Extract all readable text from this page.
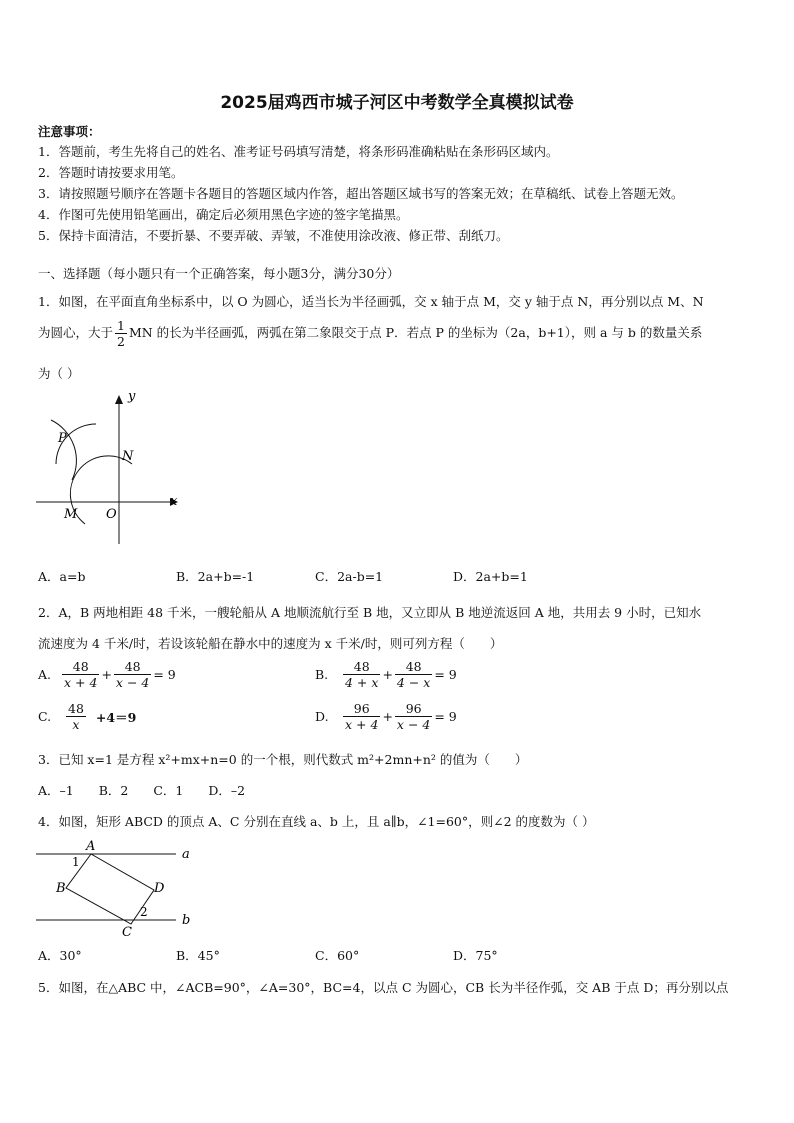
2025届鸡西市城子河区中考数学全真模拟试卷
注意事项：
1．答题前，考生先将自己的姓名、准考证号码填写清楚，将条形码准确粘贴在条形码区域内。
2．答题时请按要求用笔。
3．请按照题号顺序在答题卡各题目的答题区域内作答，超出答题区域书写的答案无效；在草稿纸、试卷上答题无效。
4．作图可先使用铅笔画出，确定后必须用黑色字迹的签字笔描黑。
5．保持卡面清洁，不要折暴、不要弄破、弄皱，不准使用涂改液、修正带、刮纸刀。
一、选择题（每小题只有一个正确答案，每小题3分，满分30分）
1．如图，在平面直角坐标系中，以 O 为圆心，适当长为半径画弧，交 x 轴于点 M，交 y 轴于点 N，再分别以点 M、N
为圆心，大于 $\frac{1}{2}$ MN 的长为半径画弧，两弧在第二象限交于点 P．若点 P 的坐标为（2a，b+1），则 a 与 b 的数量关系
为（ ）
y
x
P
N
M O
A．a=b	B．2a+b=-1	C．2a-b=1	D．2a+b=1
2．A，B 两地相距 48 千米，一艘轮船从 A 地顺流航行至 B 地，又立即从 B 地逆流返回 A 地，共用去 9 小时，已知水
流速度为 4 千米/时，若设该轮船在静水中的速度为 x 千米/时，则可列方程（　　）
A. $\frac{48}{x + 4} + \frac{48}{x - 4} = 9$	B. $\frac{48}{4 + x} + \frac{48}{4 - x} = 9$
C. $\frac{48}{x} +4=9$	D. $\frac{96}{x + 4} + \frac{96}{x - 4} = 9$
3．已知 x=1 是方程 x²+mx+n=0 的一个根，则代数式 m²+2mn+n² 的值为（　　）
A．–1　　B．2　　C．1　　D．–2
4．如图，矩形 ABCD 的顶点 A、C 分别在直线 a、b 上，且 a∥b，∠1=60°，则∠2 的度数为（ ）
A
B
C
D
a
b
1
2
A．30°	B．45°	C．60°	D．75°
5．如图，在△ABC 中，∠ACB=90°，∠A=30°，BC=4，以点 C 为圆心，CB 长为半径作弧，交 AB 于点 D；再分别以点
